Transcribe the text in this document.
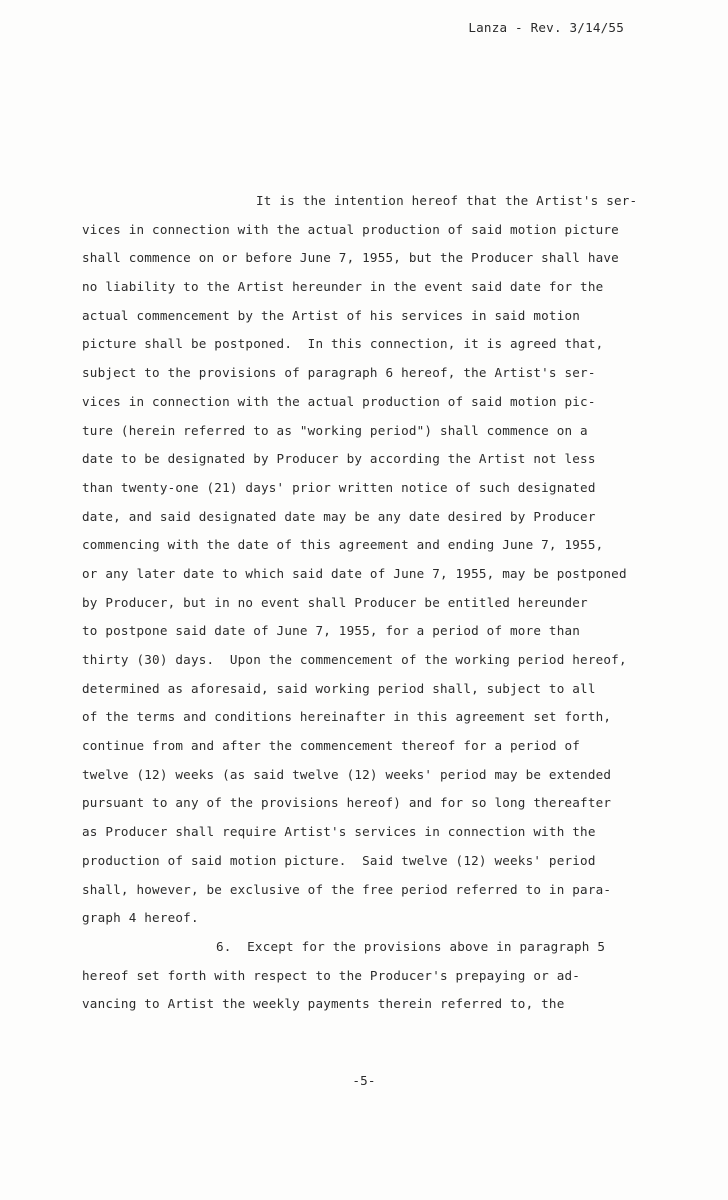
Lanza - Rev. 3/14/55
It is the intention hereof that the Artist's ser-
vices in connection with the actual production of said motion picture
shall commence on or before June 7, 1955, but the Producer shall have
no liability to the Artist hereunder in the event said date for the
actual commencement by the Artist of his services in said motion
picture shall be postponed.  In this connection, it is agreed that,
subject to the provisions of paragraph 6 hereof, the Artist's ser-
vices in connection with the actual production of said motion pic-
ture (herein referred to as "working period") shall commence on a
date to be designated by Producer by according the Artist not less
than twenty-one (21) days' prior written notice of such designated
date, and said designated date may be any date desired by Producer
commencing with the date of this agreement and ending June 7, 1955,
or any later date to which said date of June 7, 1955, may be postponed
by Producer, but in no event shall Producer be entitled hereunder
to postpone said date of June 7, 1955, for a period of more than
thirty (30) days.  Upon the commencement of the working period hereof,
determined as aforesaid, said working period shall, subject to all
of the terms and conditions hereinafter in this agreement set forth,
continue from and after the commencement thereof for a period of
twelve (12) weeks (as said twelve (12) weeks' period may be extended
pursuant to any of the provisions hereof) and for so long thereafter
as Producer shall require Artist's services in connection with the
production of said motion picture.  Said twelve (12) weeks' period
shall, however, be exclusive of the free period referred to in para-
graph 4 hereof.
6.  Except for the provisions above in paragraph 5
hereof set forth with respect to the Producer's prepaying or ad-
vancing to Artist the weekly payments therein referred to, the
-5-
